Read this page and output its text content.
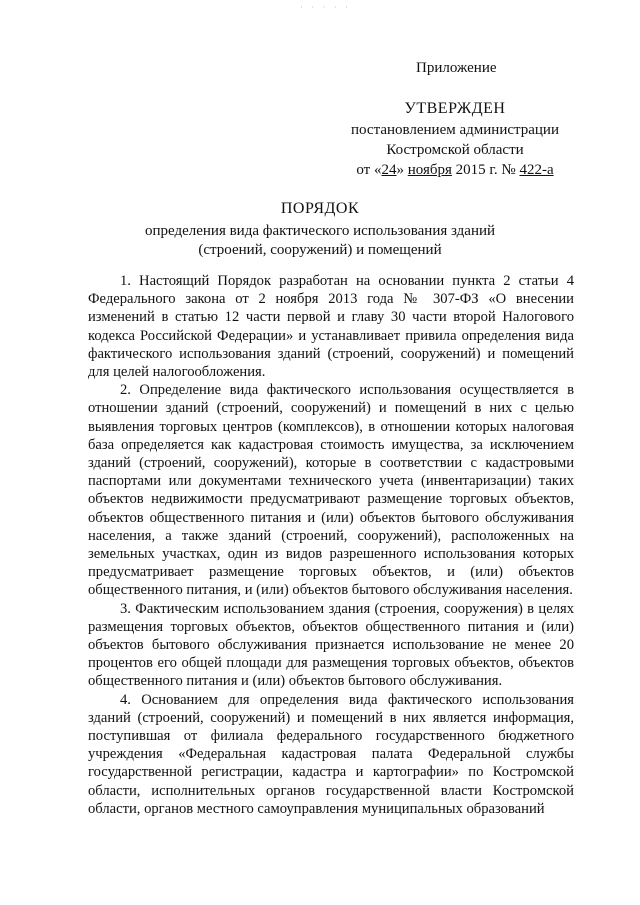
· · · · ·
Приложение
УТВЕРЖДЕН
постановлением администрации
Костромской области
от «24» ноября 2015 г. № 422-а
ПОРЯДОК
определения вида фактического использования зданий (строений, сооружений) и помещений

1. Настоящий Порядок разработан на основании пункта 2 статьи 4 Федерального закона от 2 ноября 2013 года № 307-ФЗ «О внесении изменений в статью 12 части первой и главу 30 части второй Налогового кодекса Российской Федерации» и устанавливает привила определения вида фактического использования зданий (строений, сооружений) и помещений для целей налогообложения.

2. Определение вида фактического использования осуществляется в отношении зданий (строений, сооружений) и помещений в них с целью выявления торговых центров (комплексов), в отношении которых налоговая база определяется как кадастровая стоимость имущества, за исключением зданий (строений, сооружений), которые в соответствии с кадастровыми паспортами или документами технического учета (инвентаризации) таких объектов недвижимости предусматривают размещение торговых объектов, объектов общественного питания и (или) объектов бытового обслуживания населения, а также зданий (строений, сооружений), расположенных на земельных участках, один из видов разрешенного использования которых предусматривает размещение торговых объектов, и (или) объектов общественного питания, и (или) объектов бытового обслуживания населения.

3. Фактическим использованием здания (строения, сооружения) в целях размещения торговых объектов, объектов общественного питания и (или) объектов бытового обслуживания признается использование не менее 20 процентов его общей площади для размещения торговых объектов, объектов общественного питания и (или) объектов бытового обслуживания.

4. Основанием для определения вида фактического использования зданий (строений, сооружений) и помещений в них является информация, поступившая от филиала федерального государственного бюджетного учреждения «Федеральная кадастровая палата Федеральной службы государственной регистрации, кадастра и картографии» по Костромской области, исполнительных органов государственной власти Костромской области, органов местного самоуправления муниципальных образований
